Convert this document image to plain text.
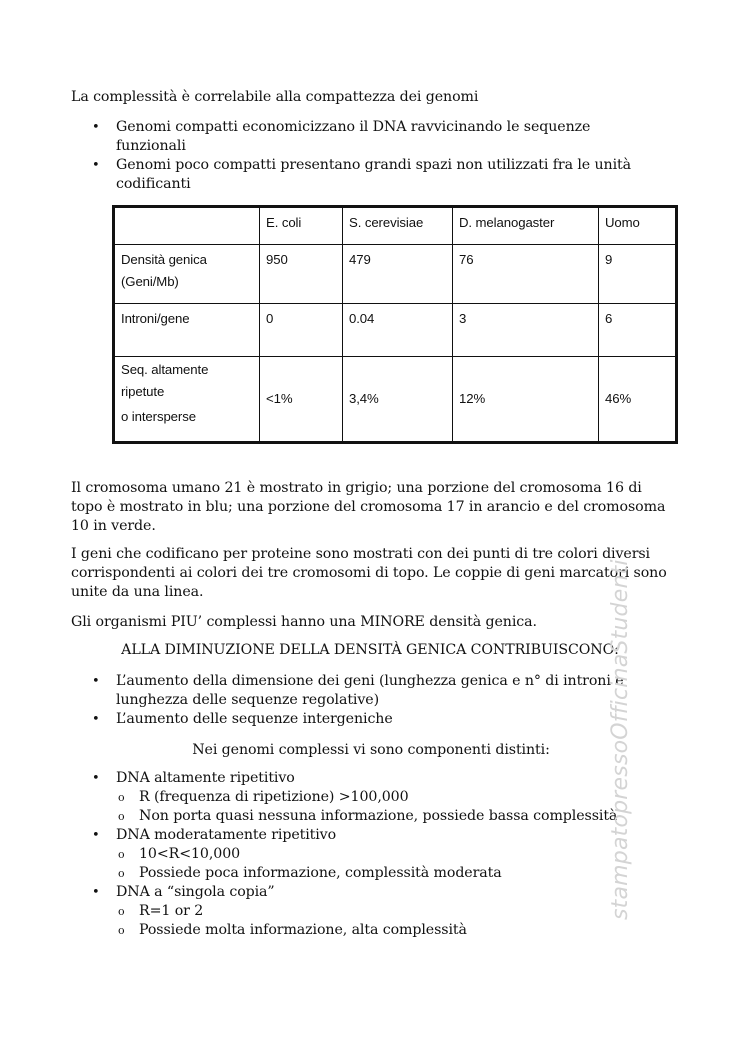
La complessità è correlabile alla compattezza dei genomi
• Genomi compatti economicizzano il DNA ravvicinando le sequenze funzionali
• Genomi poco compatti presentano grandi spazi non utilizzati fra le unità codificanti
	E. coli	S. cerevisiae	D. melanogaster	Uomo

Densità genica
(Geni/Mb)	950	479	76	9

Introni/gene	0	0.04	3	6

Seq. altamente
ripetute
o intersperse	<1%	3,4%	12%	46%
Il cromosoma umano 21 è mostrato in grigio; una porzione del cromosoma 16 di topo è mostrato in blu; una porzione del cromosoma 17 in arancio e del cromosoma 10 in verde.
I geni che codificano per proteine sono mostrati con dei punti di tre colori diversi corrispondenti ai colori dei tre cromosomi di topo. Le coppie di geni marcatori sono unite da una linea.
Gli organismi PIU’ complessi hanno una MINORE densità genica.
ALLA DIMINUZIONE DELLA DENSITÀ GENICA CONTRIBUISCONO:
• L’aumento della dimensione dei geni (lunghezza genica e n° di introni e lunghezza delle sequenze regolative)
• L’aumento delle sequenze intergeniche
Nei genomi complessi vi sono componenti distinti:
• DNA altamente ripetitivo
o R (frequenza di ripetizione) >100,000
o Non porta quasi nessuna informazione, possiede bassa complessità
• DNA moderatamente ripetitivo
o 10<R<10,000
o Possiede poca informazione, complessità moderata
• DNA a “singola copia”
o R=1 or 2
o Possiede molta informazione, alta complessità
stampatopressoOfficinaStudenti
